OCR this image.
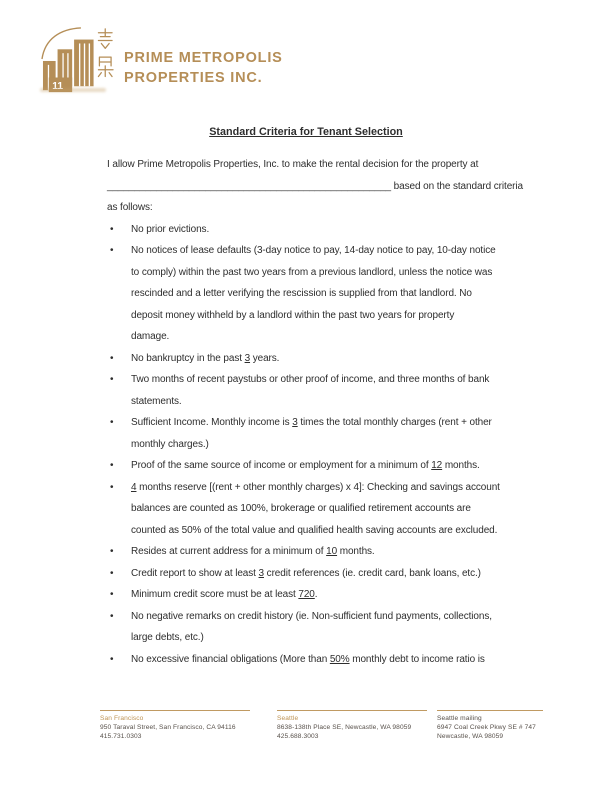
11
PRIME METROPOLIS
PROPERTIES INC.
Standard Criteria for Tenant Selection
I allow Prime Metropolis Properties, Inc. to make the rental decision for the property at
____________________________________________________ based on the standard criteria
as follows:
•	No prior evictions.
•	No notices of lease defaults (3-day notice to pay, 14-day notice to pay, 10-day notice
to comply) within the past two years from a previous landlord, unless the notice was
rescinded and a letter verifying the rescission is supplied from that landlord. No
deposit money withheld by a landlord within the past two years for property
damage.
•	No bankruptcy in the past 3 years.
•	Two months of recent paystubs or other proof of income, and three months of bank
statements.
•	Sufficient Income. Monthly income is 3 times the total monthly charges (rent + other
monthly charges.)
•	Proof of the same source of income or employment for a minimum of 12 months.
•	4 months reserve [(rent + other monthly charges) x 4]: Checking and savings account
balances are counted as 100%, brokerage or qualified retirement accounts are
counted as 50% of the total value and qualified health saving accounts are excluded.
•	Resides at current address for a minimum of 10 months.
•	Credit report to show at least 3 credit references (ie. credit card, bank loans, etc.)
•	Minimum credit score must be at least 720.
•	No negative remarks on credit history (ie. Non-sufficient fund payments, collections,
large debts, etc.)
•	No excessive financial obligations (More than 50% monthly debt to income ratio is
San Francisco
950 Taraval Street, San Francisco, CA 94116
415.731.0303
Seattle
8638-138th Place SE, Newcastle, WA 98059
425.688.3003
Seattle mailing
6947 Coal Creek Pkwy SE # 747
Newcastle, WA 98059
